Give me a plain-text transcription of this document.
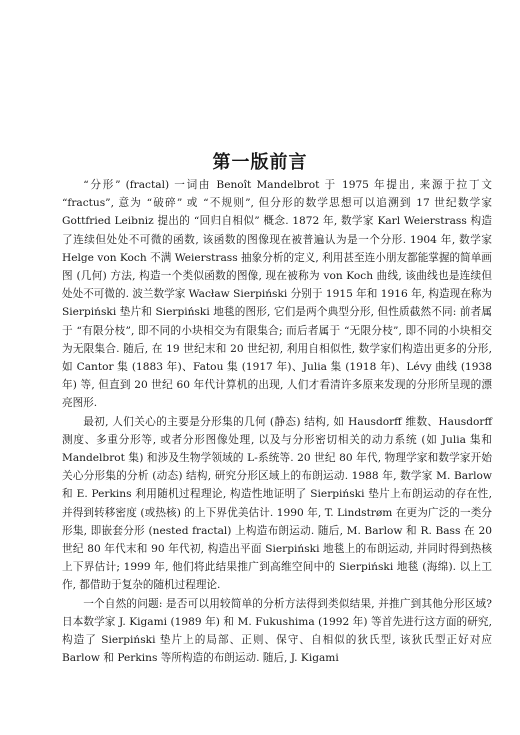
第一版前言

“分形” (fractal) 一词由 Benoît Mandelbrot 于 1975 年提出, 来源于拉丁文 “fractus”, 意为 “破碎” 或 “不规则”, 但分形的数学思想可以追溯到 17 世纪数学家 Gottfried Leibniz 提出的 “回归自相似” 概念. 1872 年, 数学家 Karl Weierstrass 构造了连续但处处不可微的函数, 该函数的图像现在被普遍认为是一个分形. 1904 年, 数学家 Helge von Koch 不满 Weierstrass 抽象分析的定义, 利用甚至连小朋友都能掌握的简单画图 (几何) 方法, 构造一个类似函数的图像, 现在被称为 von Koch 曲线, 该曲线也是连续但处处不可微的. 波兰数学家 Wacław Sierpiński 分别于 1915 年和 1916 年, 构造现在称为 Sierpiński 垫片和 Sierpiński 地毯的图形, 它们是两个典型分形, 但性质截然不同: 前者属于 “有限分枝”, 即不同的小块相交为有限集合; 而后者属于 “无限分枝”, 即不同的小块相交为无限集合. 随后, 在 19 世纪末和 20 世纪初, 利用自相似性, 数学家们构造出更多的分形, 如 Cantor 集 (1883 年)、Fatou 集 (1917 年)、Julia 集 (1918 年)、Lévy 曲线 (1938 年) 等, 但直到 20 世纪 60 年代计算机的出现, 人们才看清许多原来发现的分形所呈现的漂亮图形.

最初, 人们关心的主要是分形集的几何 (静态) 结构, 如 Hausdorff 维数、Hausdorff 测度、多重分形等, 或者分形图像处理, 以及与分形密切相关的动力系统 (如 Julia 集和 Mandelbrot 集) 和涉及生物学领域的 L-系统等. 20 世纪 80 年代, 物理学家和数学家开始关心分形集的分析 (动态) 结构, 研究分形区域上的布朗运动. 1988 年, 数学家 M. Barlow 和 E. Perkins 利用随机过程理论, 构造性地证明了 Sierpiński 垫片上布朗运动的存在性, 并得到转移密度 (或热核) 的上下界优美估计. 1990 年, T. Lindstrøm 在更为广泛的一类分形集, 即嵌套分形 (nested fractal) 上构造布朗运动. 随后, M. Barlow 和 R. Bass 在 20 世纪 80 年代末和 90 年代初, 构造出平面 Sierpiński 地毯上的布朗运动, 并同时得到热核上下界估计; 1999 年, 他们将此结果推广到高维空间中的 Sierpiński 地毯 (海绵). 以上工作, 都借助于复杂的随机过程理论.

一个自然的问题: 是否可以用较简单的分析方法得到类似结果, 并推广到其他分形区域? 日本数学家 J. Kigami (1989 年) 和 M. Fukushima (1992 年) 等首先进行这方面的研究, 构造了 Sierpiński 垫片上的局部、正则、保守、自相似的狄氏型, 该狄氏型正好对应 Barlow 和 Perkins 等所构造的布朗运动. 随后, J. Kigami
